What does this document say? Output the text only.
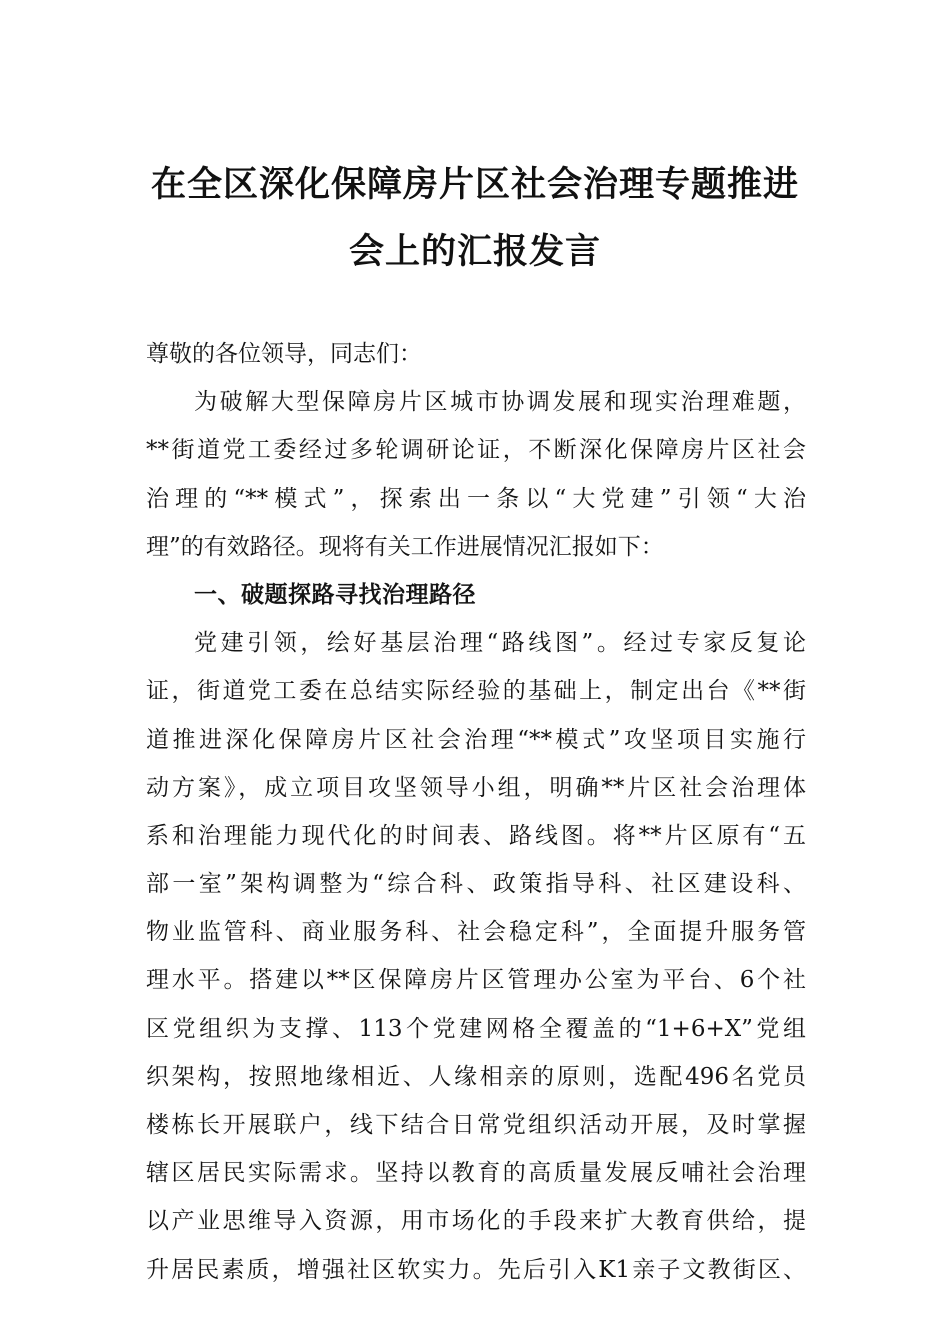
在全区深化保障房片区社会治理专题推进
会上的汇报发言
尊敬的各位领导，同志们：
为破解大型保障房片区城市协调发展和现实治理难题，
**街道党工委经过多轮调研论证，不断深化保障房片区社会
治理的“**模式”，探索出一条以“大党建”引领“大治
理”的有效路径。现将有关工作进展情况汇报如下：
一、破题探路寻找治理路径
党建引领，绘好基层治理“路线图”。经过专家反复论
证，街道党工委在总结实际经验的基础上，制定出台《**街
道推进深化保障房片区社会治理“**模式”攻坚项目实施行
动方案》，成立项目攻坚领导小组，明确**片区社会治理体
系和治理能力现代化的时间表、路线图。将**片区原有“五
部一室”架构调整为“综合科、政策指导科、社区建设科、
物业监管科、商业服务科、社会稳定科”，全面提升服务管
理水平。搭建以**区保障房片区管理办公室为平台、6个社
区党组织为支撑、113个党建网格全覆盖的“1+6+X”党组
织架构，按照地缘相近、人缘相亲的原则，选配496名党员
楼栋长开展联户，线下结合日常党组织活动开展，及时掌握
辖区居民实际需求。坚持以教育的高质量发展反哺社会治理
以产业思维导入资源，用市场化的手段来扩大教育供给，提
升居民素质，增强社区软实力。先后引入K1亲子文教街区、
